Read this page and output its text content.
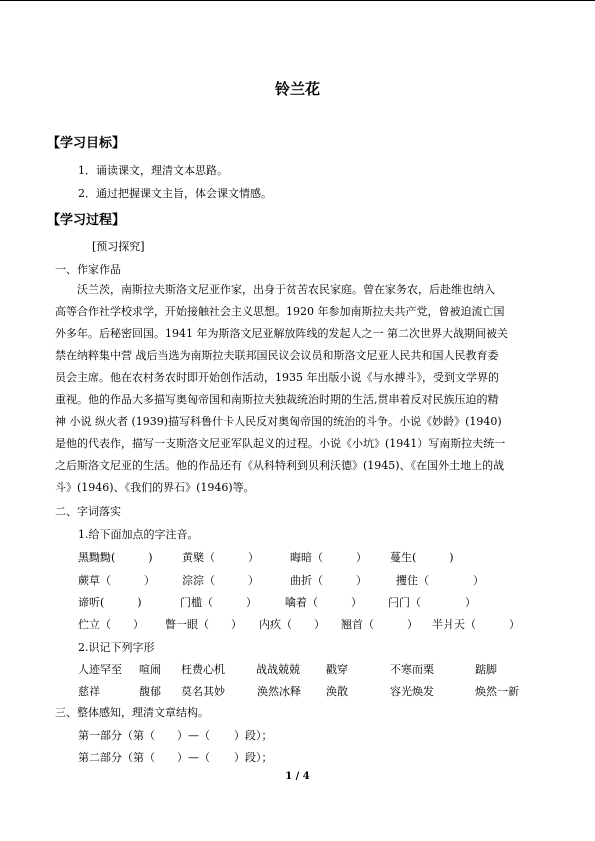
铃兰花
【学习目标】
1．诵读课文，理清文本思路。
2．通过把握课文主旨，体会课文情感。
【学习过程】
[预习探究]
一、作家作品

沃兰茨，南斯拉夫斯洛文尼亚作家，出身于贫苦农民家庭。曾在家务农，后赴维也纳入

高等合作社学校求学，开始接触社会主义思想。1920 年参加南斯拉夫共产党，曾被迫流亡国

外多年。后秘密回国。1941 年为斯洛文尼亚解放阵线的发起人之一 第二次世界大战期间被关

禁在纳粹集中营 战后当选为南斯拉夫联邦国民议会议员和斯洛文尼亚人民共和国人民教育委

员会主席。他在农村务农时即开始创作活动，1935 年出版小说《与水搏斗》，受到文学界的

重视。他的作品大多描写奥匈帝国和南斯拉夫独裁统治时期的生活,贯串着反对民族压迫的精

神 小说 纵火者 (1939)描写科鲁什卡人民反对奥匈帝国的统治的斗争。小说《妙龄》(1940)

是他的代表作，描写一支斯洛文尼亚军队起义的过程。小说《小坑》(1941）写南斯拉夫统一

之后斯洛文尼亚的生活。他的作品还有《从科特利到贝利沃德》(1945)、《在国外土地上的战

斗》(1946)、《我们的界石》(1946)等。

二、字词落实
1.给下面加点的字注音。
黑黝黝(　　　)	黄檗（　　　）	晦暗（　　　） 蔓生(　　　)
蕨草（　　　） 淙淙（　　　）	曲折（　　　）	攫住（　　　　）
谛听(　　　)	门槛（　　　）	噙着（　　　） 闩门（　　　　）
伫立（　　） 瞥一眼（　　） 内疚（　　） 翘首（　　　） 半爿天（　　　）
2.识记下列字形
人迹罕至 喧闹 枉费心机	战战兢兢 戳穿	不寒而栗	踮脚
慈祥	馥郁 莫名其妙	涣然冰释 涣散	容光焕发	焕然一新
三、整体感知，理清文章结构。
第一部分（第（ ）—（ ）段）；
第二部分（第（ ）—（ ）段）；
1 / 4
